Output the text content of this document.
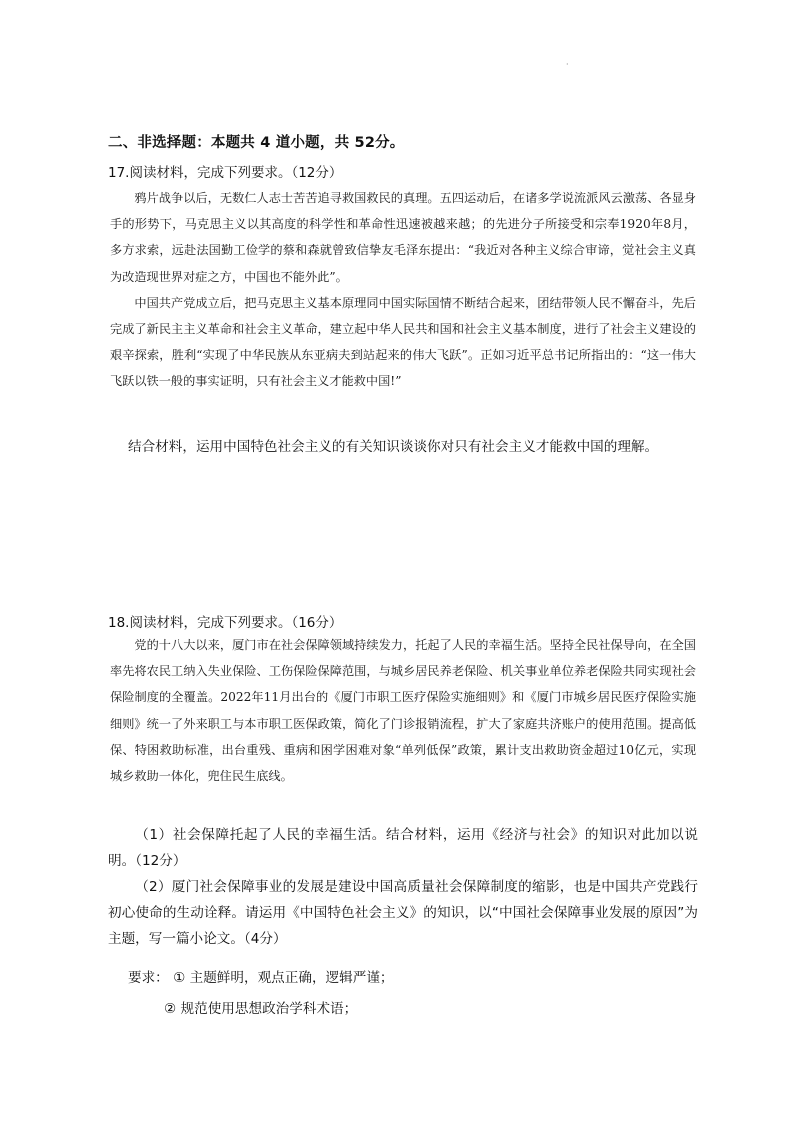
·
二、非选择题：本题共 4 道小题，共 52分。
17.阅读材料，完成下列要求。（12分）

鸦片战争以后，无数仁人志士苦苦追寻救国救民的真理。五四运动后，在诸多学说流派风云激荡、各显身手的形势下，马克思主义以其高度的科学性和革命性迅速被越来越；的先进分子所接受和宗奉1920年8月，多方求索，远赴法国勤工俭学的蔡和森就曾致信挚友毛泽东提出：“我近对各种主义综合审谛，觉社会主义真为改造现世界对症之方，中国也不能外此”。

中国共产党成立后，把马克思主义基本原理同中国实际国情不断结合起来，团结带领人民不懈奋斗，先后完成了新民主主义革命和社会主义革命，建立起中华人民共和国和社会主义基本制度，进行了社会主义建设的艰辛探索，胜利“实现了中华民族从东亚病夫到站起来的伟大飞跃”。正如习近平总书记所指出的：“这一伟大飞跃以铁一般的事实证明，只有社会主义才能救中国!”

结合材料，运用中国特色社会主义的有关知识谈谈你对只有社会主义才能救中国的理解。
18.阅读材料，完成下列要求。（16分）

党的十八大以来，厦门市在社会保障领域持续发力，托起了人民的幸福生活。坚持全民社保导向，在全国率先将农民工纳入失业保险、工伤保险保障范围，与城乡居民养老保险、机关事业单位养老保险共同实现社会保险制度的全覆盖。2022年11月出台的《厦门市职工医疗保险实施细则》和《厦门市城乡居民医疗保险实施细则》统一了外来职工与本市职工医保政策，简化了门诊报销流程，扩大了家庭共济账户的使用范围。提高低保、特困救助标准，出台重残、重病和困学困难对象“单列低保”政策，累计支出救助资金超过10亿元，实现城乡救助一体化，兜住民生底线。

（1）社会保障托起了人民的幸福生活。结合材料，运用《经济与社会》的知识对此加以说明。（12分）

（2）厦门社会保障事业的发展是建设中国高质量社会保障制度的缩影，也是中国共产党践行初心使命的生动诠释。请运用《中国特色社会主义》的知识，以“中国社会保障事业发展的原因”为主题，写一篇小论文。（4分）

要求： ① 主题鲜明，观点正确，逻辑严谨；
② 规范使用思想政治学科术语；
